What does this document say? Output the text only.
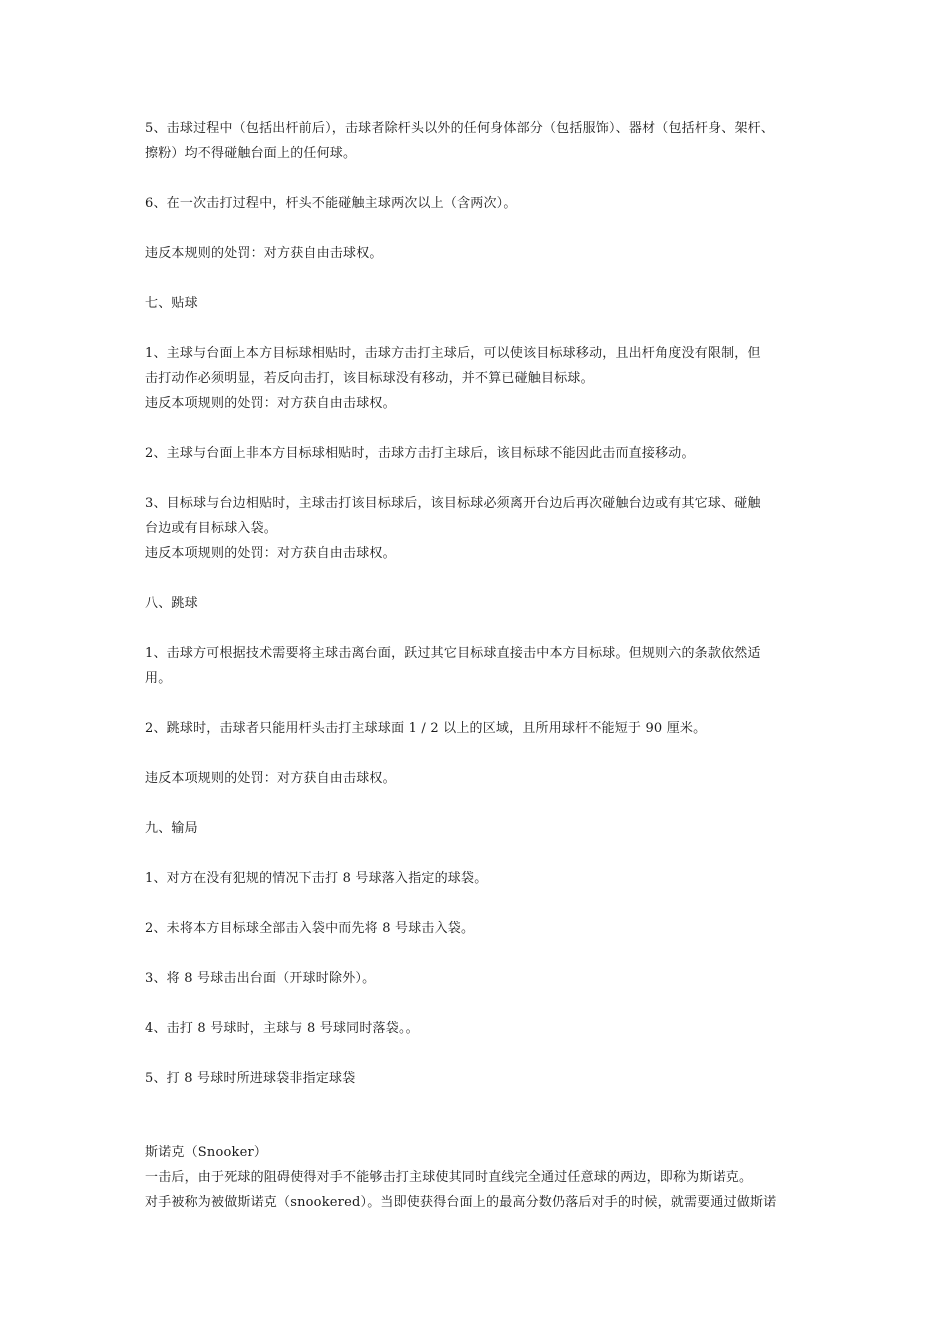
5、击球过程中（包括出杆前后），击球者除杆头以外的任何身体部分（包括服饰）、器材（包括杆身、架杆、
擦粉）均不得碰触台面上的任何球。
6、在一次击打过程中，杆头不能碰触主球两次以上（含两次）。
违反本规则的处罚：对方获自由击球权。
七、贴球
1、主球与台面上本方目标球相贴时，击球方击打主球后，可以使该目标球移动，且出杆角度没有限制，但
击打动作必须明显，若反向击打，该目标球没有移动，并不算已碰触目标球。
违反本项规则的处罚：对方获自由击球权。
2、主球与台面上非本方目标球相贴时，击球方击打主球后，该目标球不能因此击而直接移动。
3、目标球与台边相贴时，主球击打该目标球后，该目标球必须离开台边后再次碰触台边或有其它球、碰触
台边或有目标球入袋。
违反本项规则的处罚：对方获自由击球权。
八、跳球
1、击球方可根据技术需要将主球击离台面，跃过其它目标球直接击中本方目标球。但规则六的条款依然适
用。
2、跳球时，击球者只能用杆头击打主球球面 1 / 2 以上的区域，且所用球杆不能短于 90 厘米。
违反本项规则的处罚：对方获自由击球权。
九、输局
1、对方在没有犯规的情况下击打 8 号球落入指定的球袋。
2、未将本方目标球全部击入袋中而先将 8 号球击入袋。
3、将 8 号球击出台面（开球时除外）。
4、击打 8 号球时，主球与 8 号球同时落袋。。
5、打 8 号球时所进球袋非指定球袋
斯诺克（Snooker）
一击后，由于死球的阻碍使得对手不能够击打主球使其同时直线完全通过任意球的两边，即称为斯诺克。
对手被称为被做斯诺克（snookered）。当即使获得台面上的最高分数仍落后对手的时候，就需要通过做斯诺
